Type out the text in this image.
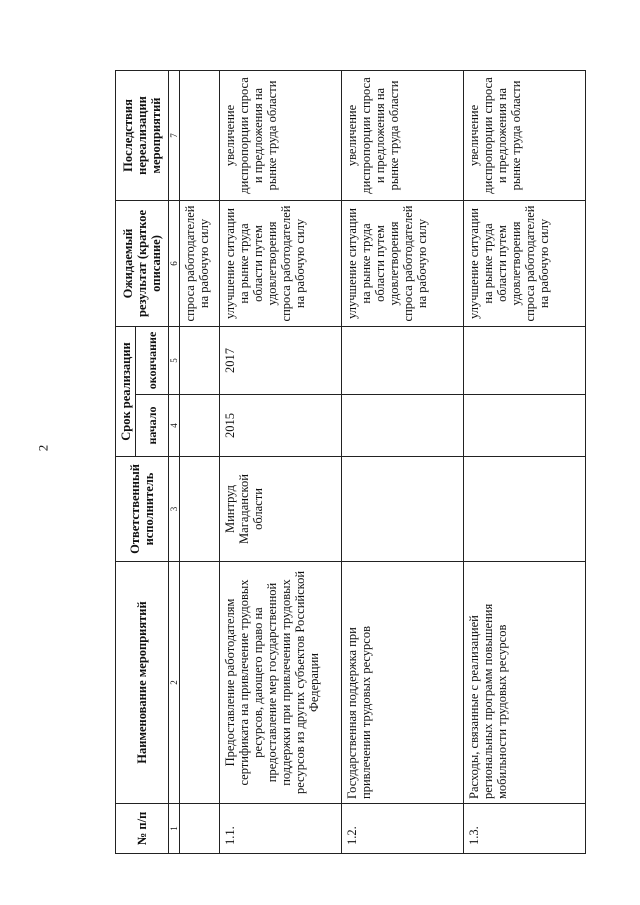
2
№ п/п	Наименование мероприятий	Ответственный исполнитель	Срок реализации		Ожидаемый результат (краткое описание)	Последствия нереализации мероприятий
			начало	окончание		
1	2	3	4	5	6	7
					спроса работодателей на рабочую силу	
1.1.	Предоставление работодателям сертификата на привлечение трудовых ресурсов, дающего право на предоставление мер государственной поддержки при привлечении трудовых ресурсов из других субъектов Российской Федерации	Минтруд Магаданской области	2015	2017	улучшение ситуации на рынке труда области путем удовлетворения спроса работодателей на рабочую силу	увеличение диспропорции спроса и предложения на рынке труда области
1.2.	Государственная поддержка при привлечении трудовых ресурсов				улучшение ситуации на рынке труда области путем удовлетворения спроса работодателей на рабочую силу	увеличение диспропорции спроса и предложения на рынке труда области
1.3.	Расходы, связанные с реализацией региональных программ повышения мобильности трудовых ресурсов				улучшение ситуации на рынке труда области путем удовлетворения спроса работодателей на рабочую силу	увеличение диспропорции спроса и предложения на рынке труда области
